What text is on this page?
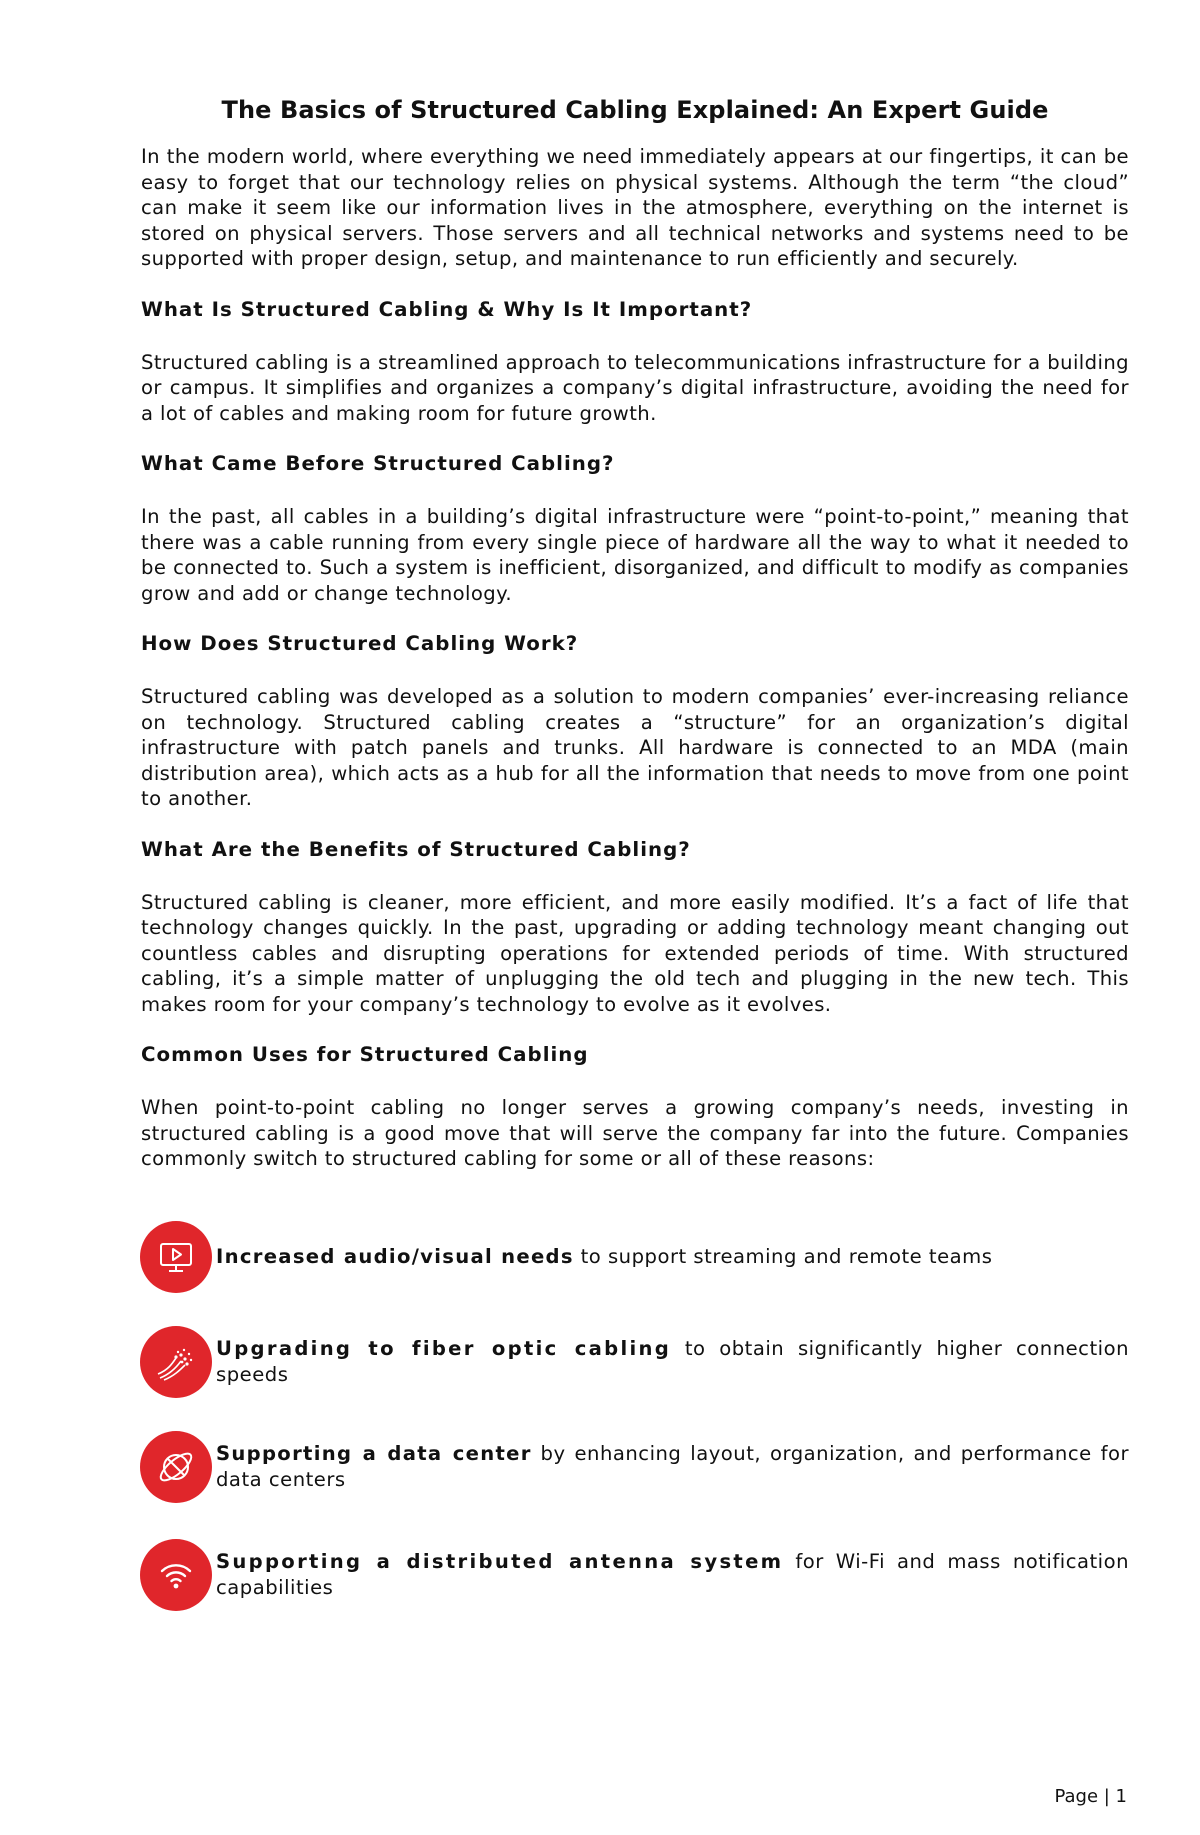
The Basics of Structured Cabling Explained: An Expert Guide

In the modern world, where everything we need immediately appears at our fingertips, it can be easy to forget that our technology relies on physical systems. Although the term “the cloud” can make it seem like our information lives in the atmosphere, everything on the internet is stored on physical servers. Those servers and all technical networks and systems need to be supported with proper design, setup, and maintenance to run efficiently and securely.

What Is Structured Cabling & Why Is It Important?

Structured cabling is a streamlined approach to telecommunications infrastructure for a building or campus. It simplifies and organizes a company’s digital infrastructure, avoiding the need for a lot of cables and making room for future growth.

What Came Before Structured Cabling?

In the past, all cables in a building’s digital infrastructure were “point-to-point,” meaning that there was a cable running from every single piece of hardware all the way to what it needed to be connected to. Such a system is inefficient, disorganized, and difficult to modify as companies grow and add or change technology.

How Does Structured Cabling Work?

Structured cabling was developed as a solution to modern companies’ ever-increasing reliance on technology. Structured cabling creates a “structure” for an organization’s digital infrastructure with patch panels and trunks. All hardware is connected to an MDA (main distribution area), which acts as a hub for all the information that needs to move from one point to another.

What Are the Benefits of Structured Cabling?

Structured cabling is cleaner, more efficient, and more easily modified. It’s a fact of life that technology changes quickly. In the past, upgrading or adding technology meant changing out countless cables and disrupting operations for extended periods of time. With structured cabling, it’s a simple matter of unplugging the old tech and plugging in the new tech. This makes room for your company’s technology to evolve as it evolves.

Common Uses for Structured Cabling

When point-to-point cabling no longer serves a growing company’s needs, investing in structured cabling is a good move that will serve the company far into the future. Companies commonly switch to structured cabling for some or all of these reasons:

Increased audio/visual needs to support streaming and remote teams
Upgrading to fiber optic cabling to obtain significantly higher connection speeds
Supporting a data center by enhancing layout, organization, and performance for data centers
Supporting a distributed antenna system for Wi-Fi and mass notification capabilities
Page | 1
